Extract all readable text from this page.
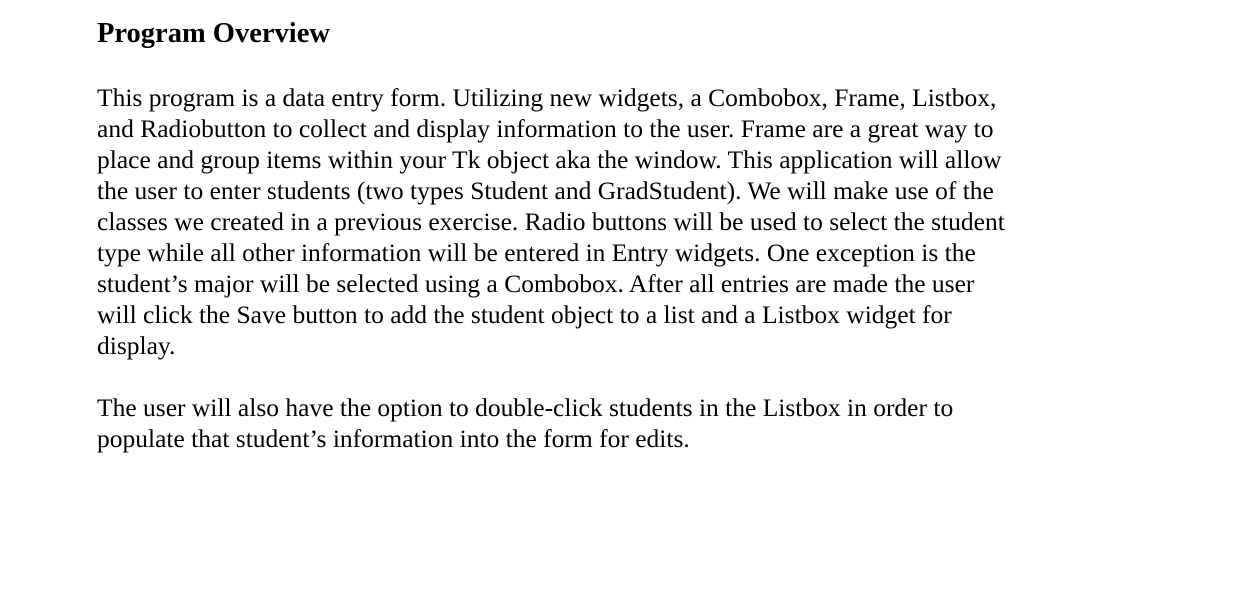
Program Overview

This program is a data entry form. Utilizing new widgets, a Combobox, Frame, Listbox,
and Radiobutton to collect and display information to the user. Frame are a great way to
place and group items within your Tk object aka the window. This application will allow
the user to enter students (two types Student and GradStudent). We will make use of the
classes we created in a previous exercise. Radio buttons will be used to select the student
type while all other information will be entered in Entry widgets. One exception is the
student’s major will be selected using a Combobox. After all entries are made the user
will click the Save button to add the student object to a list and a Listbox widget for
display.

The user will also have the option to double-click students in the Listbox in order to
populate that student’s information into the form for edits.
